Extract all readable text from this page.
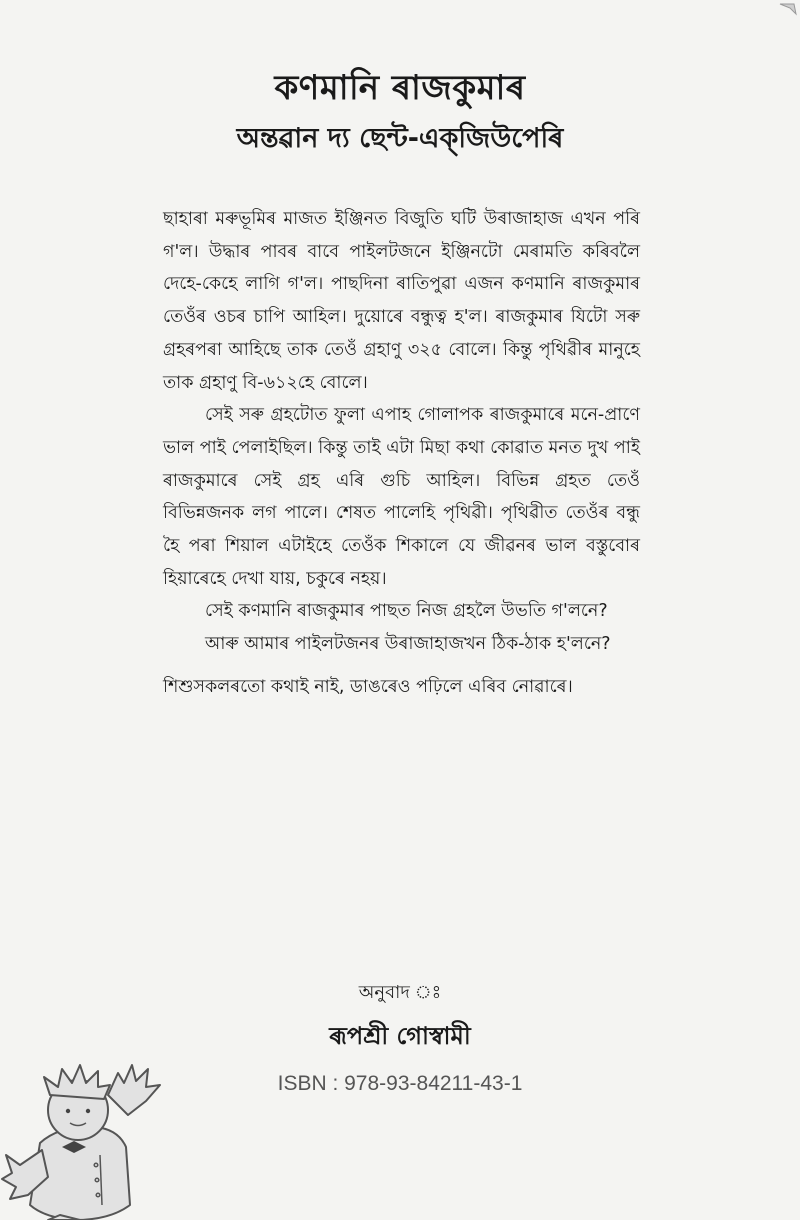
কণমানি ৰাজকুমাৰ
অন্তৱান দ্য ছেন্ট-এক্‌জিউপেৰি

ছাহাৰা মৰুভূমিৰ মাজত ইঞ্জিনত বিজুতি ঘটি উৰাজাহাজ এখন পৰি গ'ল। উদ্ধাৰ পাবৰ বাবে পাইলটজনে ইঞ্জিনটো মেৰামতি কৰিবলৈ দেহে-কেহে লাগি গ'ল। পাছদিনা ৰাতিপুৱা এজন কণমানি ৰাজকুমাৰ তেওঁৰ ওচৰ চাপি আহিল। দুয়োৰে বন্ধুত্ব হ'ল। ৰাজকুমাৰ যিটো সৰু গ্ৰহৰপৰা আহিছে তাক তেওঁ গ্ৰহাণু ৩২৫ বোলে। কিন্তু পৃথিৱীৰ মানুহে তাক গ্ৰহাণু বি-৬১২হে বোলে।

সেই সৰু গ্ৰহটোত ফুলা এপাহ গোলাপক ৰাজকুমাৰে মনে-প্ৰাণে ভাল পাই পেলাইছিল। কিন্তু তাই এটা মিছা কথা কোৱাত মনত দুখ পাই ৰাজকুমাৰে সেই গ্ৰহ এৰি গুচি আহিল। বিভিন্ন গ্ৰহত তেওঁ বিভিন্নজনক লগ পালে। শেষত পালেহি পৃথিৱী। পৃথিৱীত তেওঁৰ বন্ধু হৈ পৰা শিয়াল এটাইহে তেওঁক শিকালে যে জীৱনৰ ভাল বস্তুবোৰ হিয়াৰেহে দেখা যায়, চকুৰে নহয়।

সেই কণমানি ৰাজকুমাৰ পাছত নিজ গ্ৰহলৈ উভতি গ'লনে?

আৰু আমাৰ পাইলটজনৰ উৰাজাহাজখন ঠিক-ঠাক হ'লনে?

শিশুসকলৰতো কথাই নাই, ডাঙৰেও পঢ়িলে এৰিব নোৱাৰে।

অনুবাদ ঃ
ৰূপশ্ৰী গোস্বামী
ISBN : 978-93-84211-43-1
